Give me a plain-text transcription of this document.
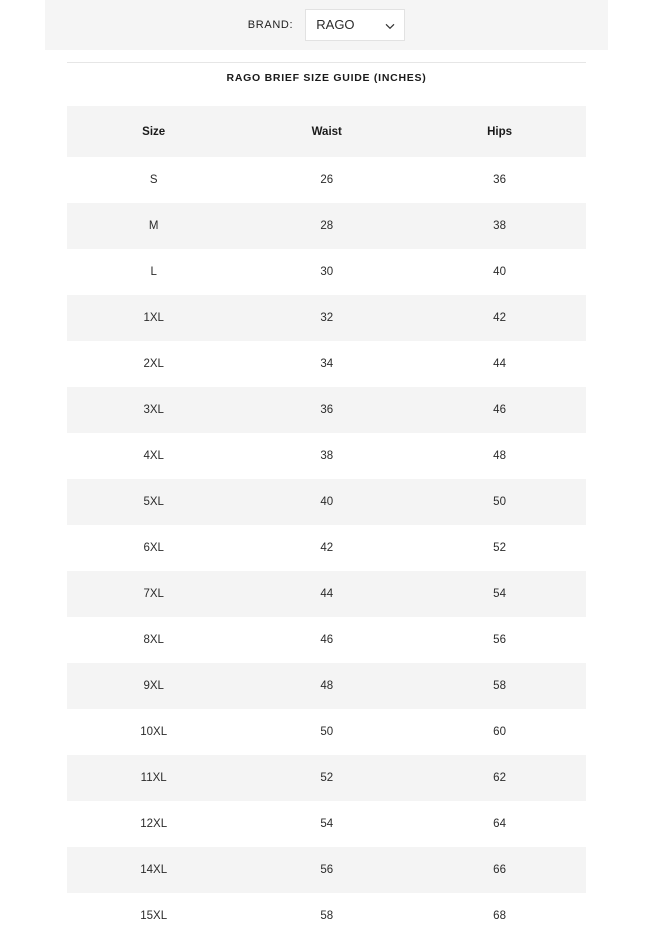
BRAND:	RAGO
RAGO BRIEF SIZE GUIDE (INCHES)
Size	Waist	Hips
S	26	36
M	28	38
L	30	40
1XL	32	42
2XL	34	44
3XL	36	46
4XL	38	48
5XL	40	50
6XL	42	52
7XL	44	54
8XL	46	56
9XL	48	58
10XL	50	60
11XL	52	62
12XL	54	64
14XL	56	66
15XL	58	68
